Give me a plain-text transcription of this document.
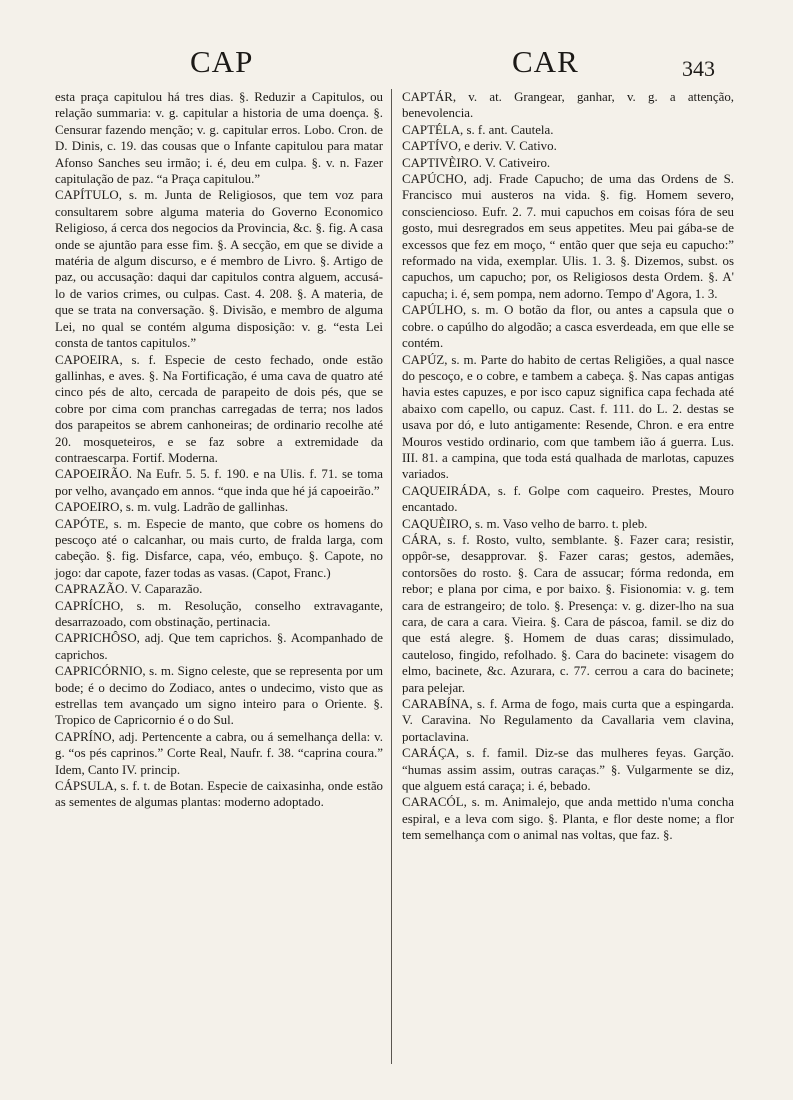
CAP	CAR	343

esta praça capitulou há tres dias. §. Reduzir a Capitulos, ou relação summaria: v. g. capitular a historia de uma doença. §. Censurar fazendo menção; v. g. capitular erros. Lobo. Cron. de D. Dinis, c. 19. das cousas que o Infante capitulou para matar Afonso Sanches seu irmão; i. é, deu em culpa. §. v. n. Fazer capitulação de paz. “a Praça capitulou.”

CAPÍTULO, s. m. Junta de Religiosos, que tem voz para consultarem sobre alguma materia do Governo Economico Religioso, á cerca dos negocios da Provincia, &c. §. fig. A casa onde se ajuntão para esse fim. §. A secção, em que se divide a matéria de algum discurso, e é membro de Livro. §. Artigo de paz, ou accusação: daqui dar capitulos contra alguem, accusá-lo de varios crimes, ou culpas. Cast. 4. 208. §. A materia, de que se trata na conversação. §. Divisão, e membro de alguma Lei, no qual se contém alguma disposição: v. g. “esta Lei consta de tantos capitulos.”

CAPOEIRA, s. f. Especie de cesto fechado, onde estão gallinhas, e aves. §. Na Fortificação, é uma cava de quatro até cinco pés de alto, cercada de parapeito de dois pés, que se cobre por cima com pranchas carregadas de terra; nos lados dos parapeitos se abrem canhoneiras; de ordinario recolhe até 20. mosqueteiros, e se faz sobre a extremidade da contraescarpa. Fortif. Moderna.

CAPOEIRÃO. Na Eufr. 5. 5. f. 190. e na Ulis. f. 71. se toma por velho, avançado em annos. “que inda que hé já capoeirão.”

CAPOEIRO, s. m. vulg. Ladrão de gallinhas.

CAPÓTE, s. m. Especie de manto, que cobre os homens do pescoço até o calcanhar, ou mais curto, de fralda larga, com cabeção. §. fig. Disfarce, capa, véo, embuço. §. Capote, no jogo: dar capote, fazer todas as vasas. (Capot, Franc.)

CAPRAZÃO. V. Caparazão.

CAPRÍCHO, s. m. Resolução, conselho extravagante, desarrazoado, com obstinação, pertinacia.

CAPRICHÔSO, adj. Que tem caprichos. §. Acompanhado de caprichos.

CAPRICÓRNIO, s. m. Signo celeste, que se representa por um bode; é o decimo do Zodiaco, antes o undecimo, visto que as estrellas tem avançado um signo inteiro para o Oriente. §. Tropico de Capricornio é o do Sul.

CAPRÍNO, adj. Pertencente a cabra, ou á semelhança della: v. g. “os pés caprinos.” Corte Real, Naufr. f. 38. “caprina coura.” Idem, Canto IV. princip.

CÁPSULA, s. f. t. de Botan. Especie de caixasinha, onde estão as sementes de algumas plantas: moderno adoptado.

CAPTÁR, v. at. Grangear, ganhar, v. g. a attenção, benevolencia.

CAPTÉLA, s. f. ant. Cautela.

CAPTÍVO, e deriv. V. Cativo.

CAPTIVÈIRO. V. Cativeiro.

CAPÚCHO, adj. Frade Capucho; de uma das Ordens de S. Francisco mui austeros na vida. §. fig. Homem severo, consciencioso. Eufr. 2. 7. mui capuchos em coisas fóra de seu gosto, mui desregrados em seus appetites. Meu pai gába-se de excessos que fez em moço, “ então quer que seja eu capucho:” reformado na vida, exemplar. Ulis. 1. 3. §. Dizemos, subst. os capuchos, um capucho; por, os Religiosos desta Ordem. §. A' capucha; i. é, sem pompa, nem adorno. Tempo d' Agora, 1. 3.

CAPÚLHO, s. m. O botão da flor, ou antes a capsula que o cobre. o capúlho do algodão; a casca esverdeada, em que elle se contém.

CAPÚZ, s. m. Parte do habito de certas Religiões, a qual nasce do pescoço, e o cobre, e tambem a cabeça. §. Nas capas antigas havia estes capuzes, e por isco capuz significa capa fechada até abaixo com capello, ou capuz. Cast. f. 111. do L. 2. destas se usava por dó, e luto antigamente: Resende, Chron. e era entre Mouros vestido ordinario, com que tambem ião á guerra. Lus. III. 81. a campina, que toda está qualhada de marlotas, capuzes variados.

CAQUEIRÁDA, s. f. Golpe com caqueiro. Prestes, Mouro encantado.

CAQUÈIRO, s. m. Vaso velho de barro. t. pleb.

CÁRA, s. f. Rosto, vulto, semblante. §. Fazer cara; resistir, oppôr-se, desapprovar. §. Fazer caras; gestos, ademães, contorsões do rosto. §. Cara de assucar; fórma redonda, em rebor; e plana por cima, e por baixo. §. Fisionomia: v. g. tem cara de estrangeiro; de tolo. §. Presença: v. g. dizer-lho na sua cara, de cara a cara. Vieira. §. Cara de páscoa, famil. se diz do que está alegre. §. Homem de duas caras; dissimulado, cauteloso, fingido, refolhado. §. Cara do bacinete: visagem do elmo, bacinete, &c. Azurara, c. 77. cerrou a cara do bacinete; para pelejar.

CARABÍNA, s. f. Arma de fogo, mais curta que a espingarda. V. Caravina. No Regulamento da Cavallaria vem clavina, portaclavina.

CARÁÇA, s. f. famil. Diz-se das mulheres feyas. Garção. “humas assim assim, outras caraças.” §. Vulgarmente se diz, que alguem está caraça; i. é, bebado.

CARACÓL, s. m. Animalejo, que anda mettido n'uma concha espiral, e a leva com sigo. §. Planta, e flor deste nome; a flor tem semelhança com o animal nas voltas, que faz. §.
